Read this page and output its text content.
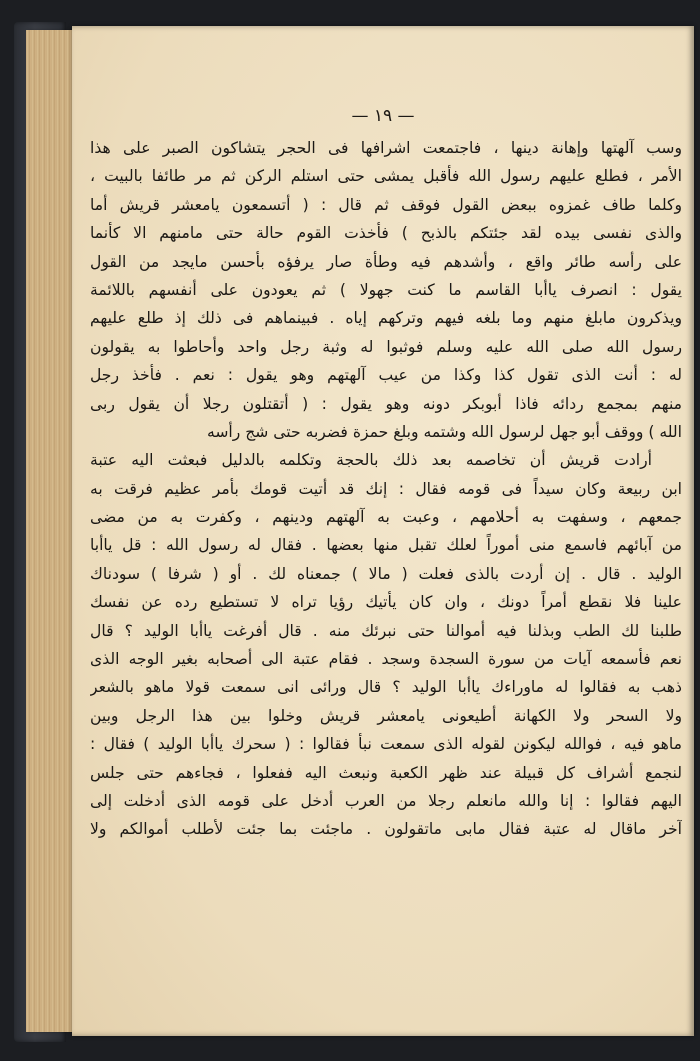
— ١٩ —
وسب آلهتها وإهانة دينها ، فاجتمعت اشرافها فى الحجر يتشاكون الصبر على هذا
الأمر ، فطلع عليهم رسول الله فأقبل يمشى حتى استلم الركن ثم مر طائفا بالبيت ،
وكلما طاف غمزوه ببعض القول فوقف ثم قال : ( أتسمعون يامعشر قريش أما
والذى نفسى بيده لقد جئتكم بالذبح ) فأخذت القوم حالة حتى مامنهم الا كأنما
على رأسه طائر واقع ، وأشدهم فيه وطأة صار يرفؤه بأحسن مايجد من القول
يقول : انصرف ياأبا القاسم ما كنت جهولا ) ثم يعودون على أنفسهم باللائمة
ويذكرون مابلغ منهم وما بلغه فيهم وتركهم إياه . فبينماهم فى ذلك إذ طلع عليهم
رسول الله صلى الله عليه وسلم فوثبوا له وثبة رجل واحد وأحاطوا به يقولون
له : أنت الذى تقول كذا وكذا من عيب آلهتهم وهو يقول : نعم . فأخذ رجل
منهم بمجمع ردائه فاذا أبوبكر دونه وهو يقول : ( أتقتلون رجلا أن يقول ربى
الله ) ووقف أبو جهل لرسول الله وشتمه وبلغ حمزة فضربه حتى شج رأسه
أرادت قريش أن تخاصمه بعد ذلك بالحجة وتكلمه بالدليل فبعثت اليه عتبة
ابن ربيعة وكان سيداً فى قومه فقال : إنك قد أتيت قومك بأمر عظيم فرقت به
جمعهم ، وسفهت به أحلامهم ، وعبت به آلهتهم ودينهم ، وكفرت به من مضى
من آبائهم فاسمع منى أموراً لعلك تقبل منها بعضها . فقال له رسول الله : قل ياأبا
الوليد . قال . إن أردت بالذى فعلت ( مالا ) جمعناه لك . أو ( شرفا ) سودناك
علينا فلا نقطع أمراً دونك ، وان كان يأتيك رؤيا تراه لا تستطيع رده عن نفسك
طلبنا لك الطب وبذلنا فيه أموالنا حتى نبرئك منه . قال أفرغت ياأبا الوليد ؟ قال
نعم فأسمعه آيات من سورة السجدة وسجد . فقام عتبة الى أصحابه بغير الوجه الذى
ذهب به فقالوا له ماوراءك ياأبا الوليد ؟ قال ورائى انى سمعت قولا ماهو بالشعر
ولا السحر ولا الكهانة أطيعونى يامعشر قريش وخلوا بين هذا الرجل وبين
ماهو فيه ، فوالله ليكونن لقوله الذى سمعت نبأ فقالوا : ( سحرك ياأبا الوليد ) فقال :
لنجمع أشراف كل قبيلة عند ظهر الكعبة ونبعث اليه ففعلوا ، فجاءهم حتى جلس
اليهم فقالوا : إنا والله مانعلم رجلا من العرب أدخل على قومه الذى أدخلت إلى
آخر ماقال له عتبة فقال مابى ماتقولون . ماجئت بما جئت لأطلب أموالكم ولا
